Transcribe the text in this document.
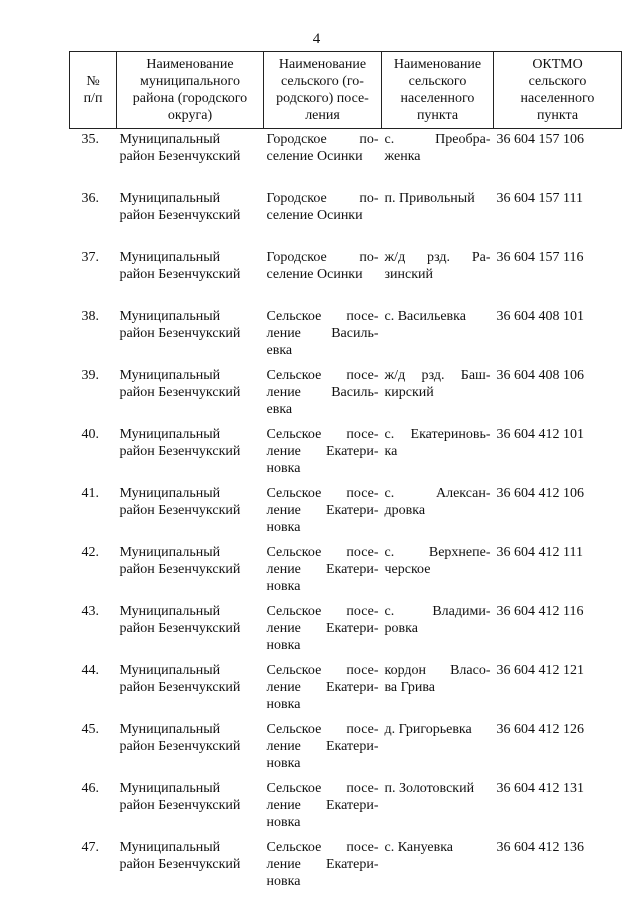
4
№
п/п	Наименование
муниципального
района (городского
округа)	Наименование
сельского (го-
родского) посе-
ления	Наименование
сельского
населенного
пункта	ОКТМО
сельского
населенного
пункта

35.	Муниципальный
район Безенчукский	Городское по-
селение Осинки	с. Преобра-
женка	36 604 157 106
36.	Муниципальный
район Безенчукский	Городское по-
селение Осинки	п. Привольный	36 604 157 111
37.	Муниципальный
район Безенчукский	Городское по-
селение Осинки	ж/д рзд. Ра-
зинский	36 604 157 116
38.	Муниципальный
район Безенчукский	Сельское посе-
ление Василь-
евка	с. Васильевка	36 604 408 101
39.	Муниципальный
район Безенчукский	Сельское посе-
ление Василь-
евка	ж/д рзд. Баш-
кирский	36 604 408 106
40.	Муниципальный
район Безенчукский	Сельское посе-
ление Екатери-
новка	с. Екатериновь-
ка	36 604 412 101
41.	Муниципальный
район Безенчукский	Сельское посе-
ление Екатери-
новка	с. Алексан-
дровка	36 604 412 106
42.	Муниципальный
район Безенчукский	Сельское посе-
ление Екатери-
новка	с. Верхнепе-
черское	36 604 412 111
43.	Муниципальный
район Безенчукский	Сельское посе-
ление Екатери-
новка	с. Владими-
ровка	36 604 412 116
44.	Муниципальный
район Безенчукский	Сельское посе-
ление Екатери-
новка	кордон Власо-
ва Грива	36 604 412 121
45.	Муниципальный
район Безенчукский	Сельское посе-
ление Екатери-
новка	д. Григорьевка	36 604 412 126
46.	Муниципальный
район Безенчукский	Сельское посе-
ление Екатери-
новка	п. Золотовский	36 604 412 131
47.	Муниципальный
район Безенчукский	Сельское посе-
ление Екатери-
новка	с. Кануевка	36 604 412 136
